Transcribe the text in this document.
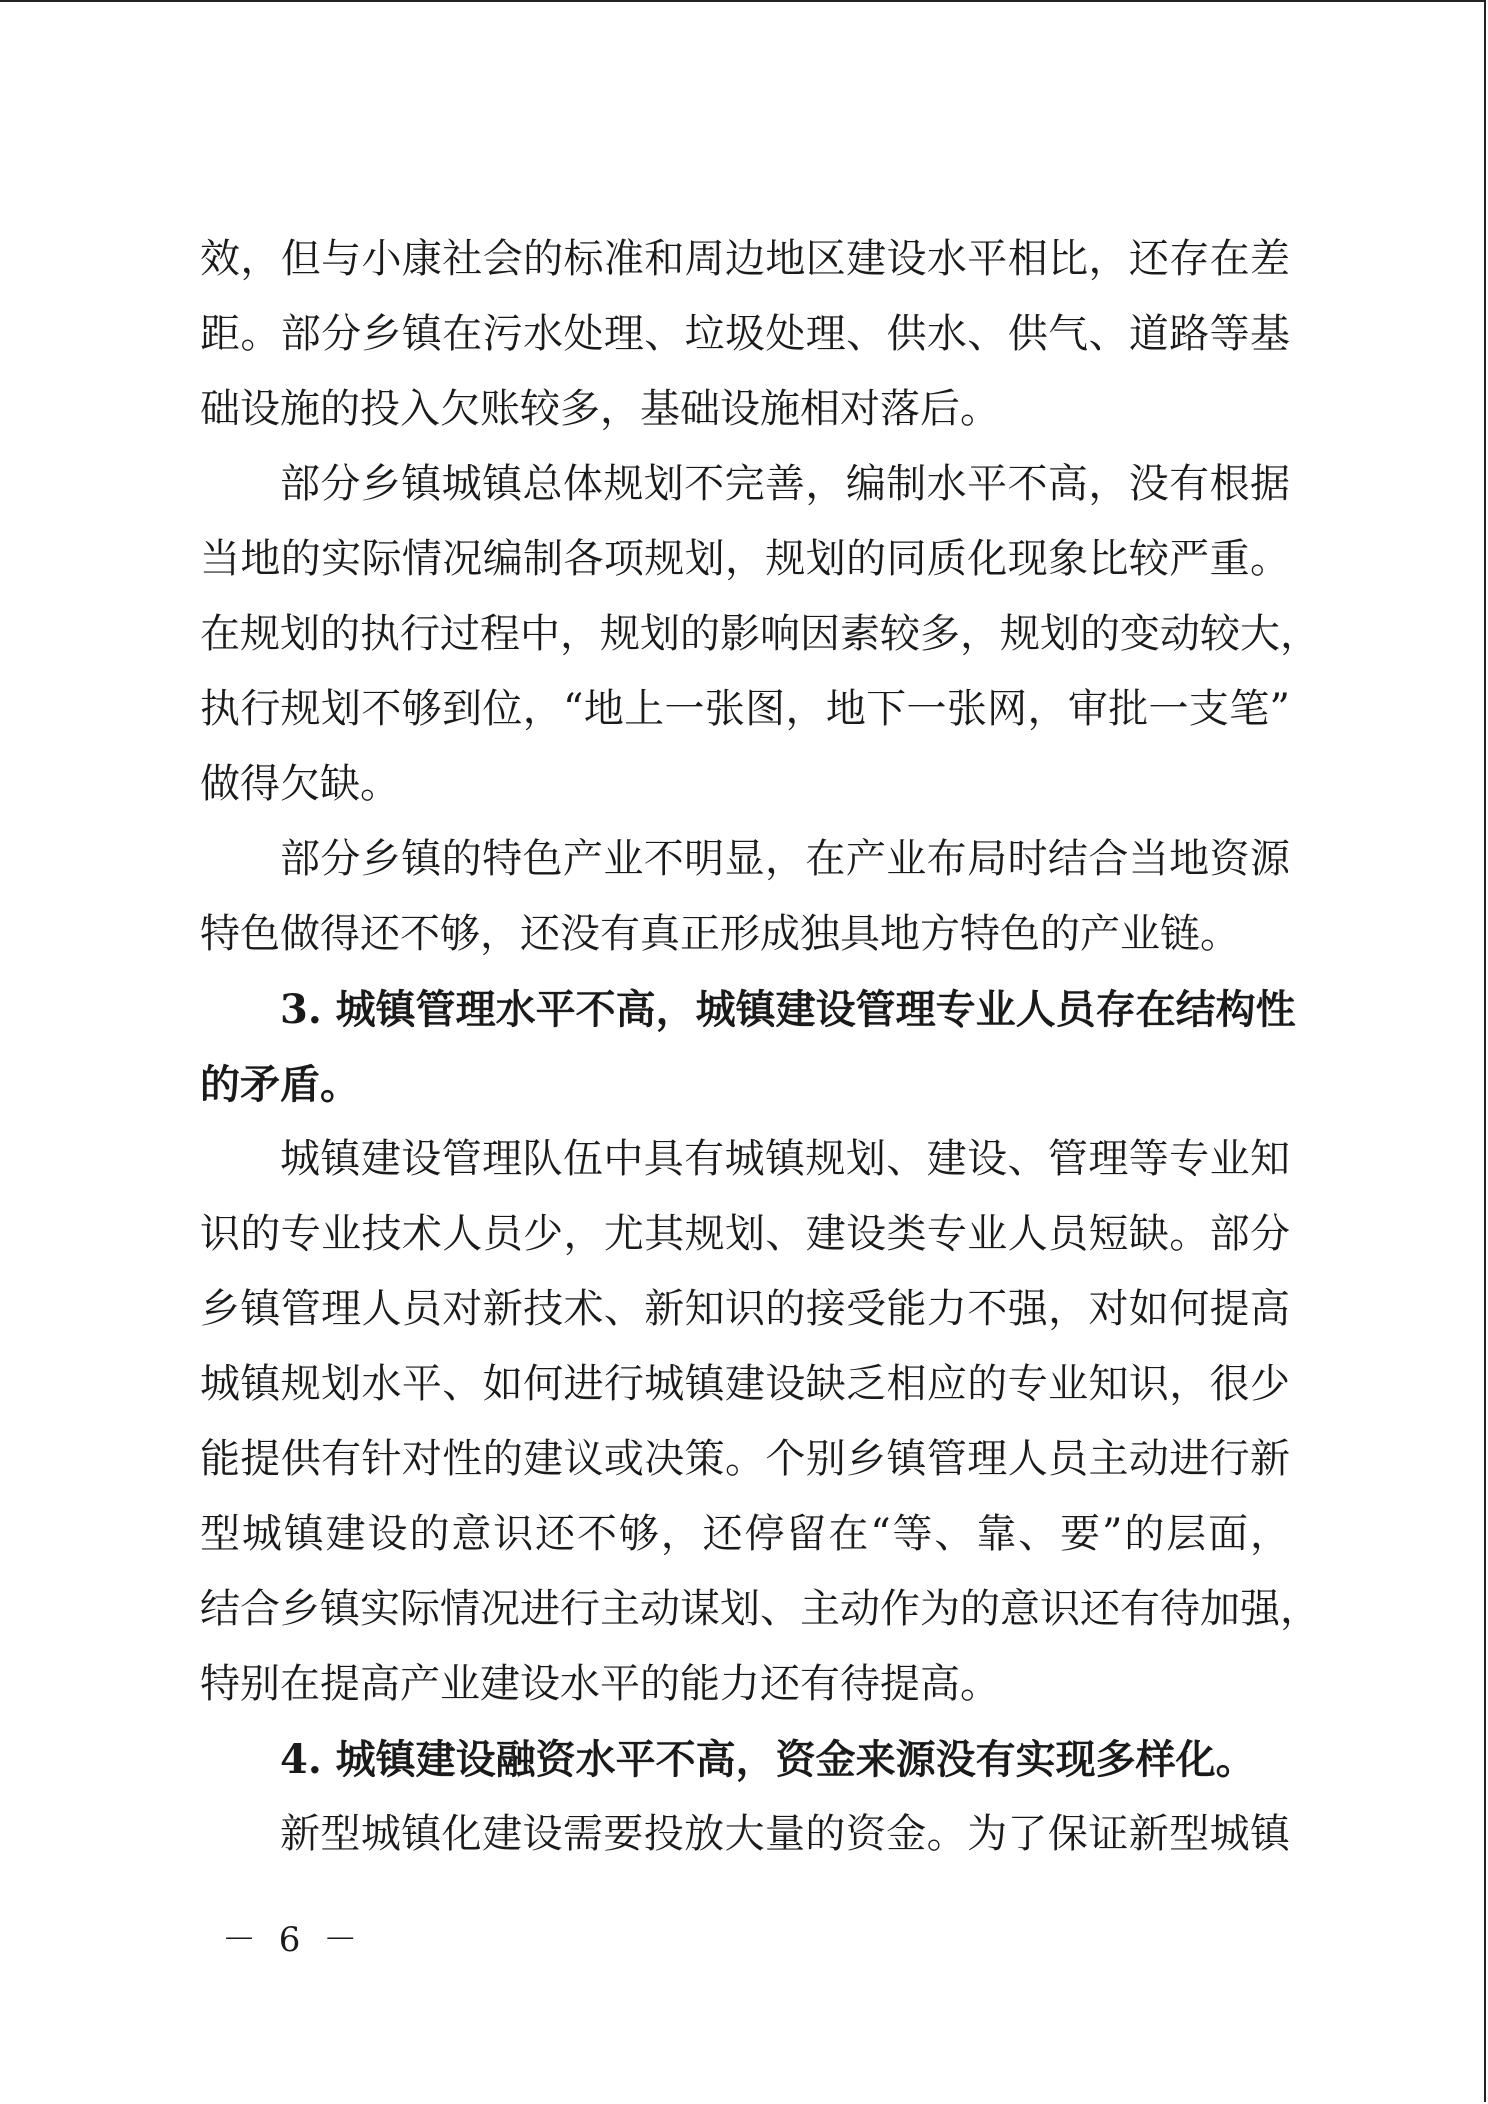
效，但与小康社会的标准和周边地区建设水平相比，还存在差
距。部分乡镇在污水处理、垃圾处理、供水、供气、道路等基
础设施的投入欠账较多，基础设施相对落后。
部分乡镇城镇总体规划不完善，编制水平不高，没有根据
当地的实际情况编制各项规划，规划的同质化现象比较严重。
在规划的执行过程中，规划的影响因素较多，规划的变动较大，
执行规划不够到位，“地上一张图，地下一张网，审批一支笔”
做得欠缺。
部分乡镇的特色产业不明显，在产业布局时结合当地资源
特色做得还不够，还没有真正形成独具地方特色的产业链。
3. 城镇管理水平不高，城镇建设管理专业人员存在结构性
的矛盾。
城镇建设管理队伍中具有城镇规划、建设、管理等专业知
识的专业技术人员少，尤其规划、建设类专业人员短缺。部分
乡镇管理人员对新技术、新知识的接受能力不强，对如何提高
城镇规划水平、如何进行城镇建设缺乏相应的专业知识，很少
能提供有针对性的建议或决策。个别乡镇管理人员主动进行新
型城镇建设的意识还不够，还停留在“等、靠、要”的层面，
结合乡镇实际情况进行主动谋划、主动作为的意识还有待加强，
特别在提高产业建设水平的能力还有待提高。
4. 城镇建设融资水平不高，资金来源没有实现多样化。
新型城镇化建设需要投放大量的资金。为了保证新型城镇
－ 6 －
